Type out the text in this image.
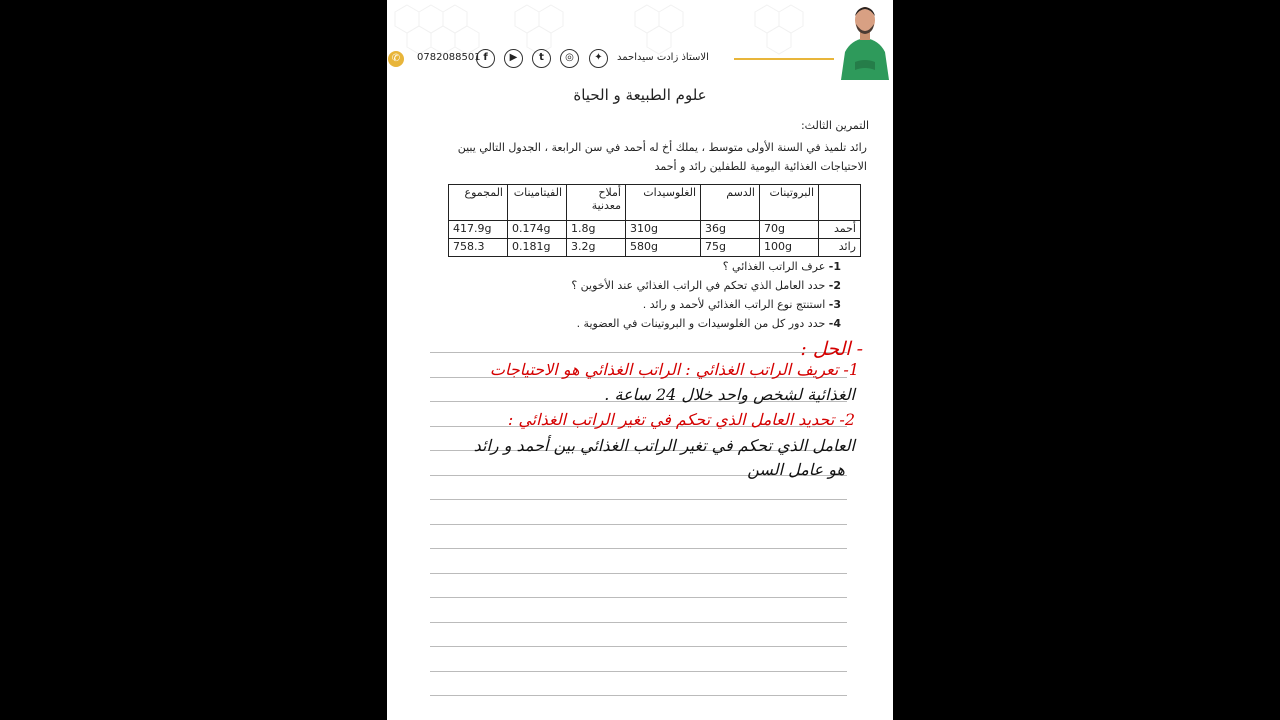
✆	0782088501 f	▶	t	◎	✦	الاستاذ زادت سيداحمد
علوم الطبيعة و الحياة
التمرين الثالث:
رائد تلميذ في السنة الأولى متوسط ، يملك أخ له أحمد في سن الرابعة ، الجدول التالي يبين الاحتياجات الغذائية اليومية للطفلين رائد و أحمد
	البروتينات	الدسم	الغلوسيدات	أملاح معدنية	الفيتامينات	المجموع
أحمد	70g	36g	310g	1.8g	0.174g	417.9g
رائد	100g	75g	580g	3.2g	0.181g	758.3
1- عرف الراتب الغذائي ؟
2- حدد العامل الذي تحكم في الراتب الغذائي عند الأخوين ؟
3- استنتج نوع الراتب الغذائي لأحمد و رائد .
4- حدد دور كل من الغلوسيدات و البروتينات في العضوية .
- الحل :
1- تعريف الراتب الغذائي : الراتب الغذائي هو الاحتياجات
الغذائية لشخص واحد خلال 24 ساعة .
2- تحديد العامل الذي تحكم في تغير الراتب الغذائي :
العامل الذي تحكم في تغير الراتب الغذائي بين أحمد و رائد
هو عامل السن
